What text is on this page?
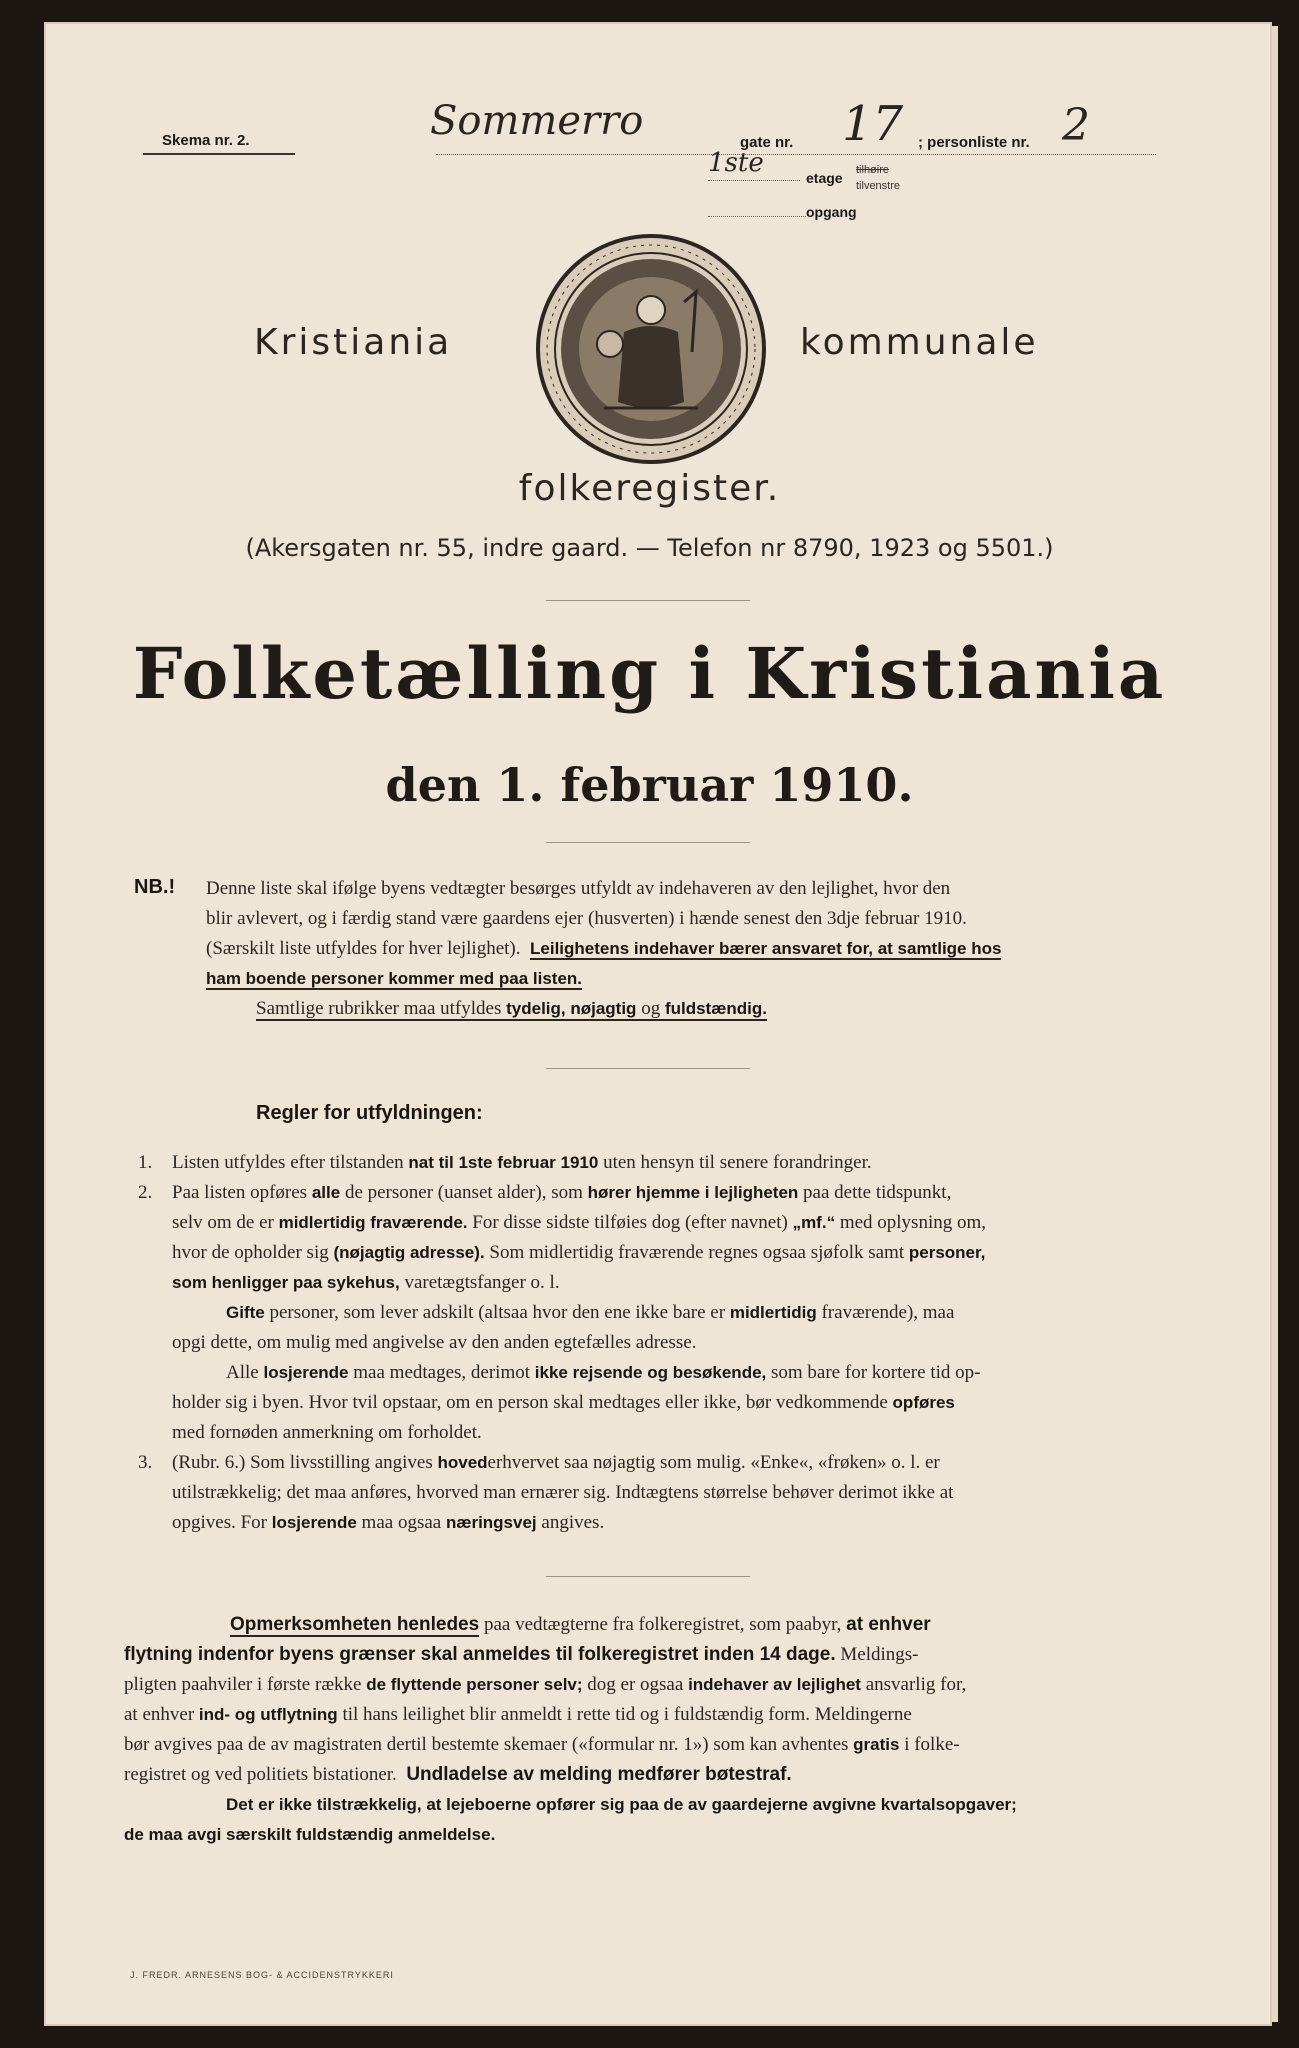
Skema nr. 2.	Sommerro	gate nr. 17 ; personliste nr. 2
1ste	etage tilhøire
tilvenstre
opgang
Kristiania	kommunale
folkeregister.
(Akersgaten nr. 55, indre gaard. — Telefon nr 8790, 1923 og 5501.)
Folketælling i Kristiania
den 1. februar 1910.
NB.! Denne liste skal ifølge byens vedtægter besørges utfyldt av indehaveren av den lejlighet, hvor den
blir avlevert, og i færdig stand være gaardens ejer (husverten) i hænde senest den 3dje februar 1910.
(Særskilt liste utfyldes for hver lejlighet). Leilighetens indehaver bærer ansvaret for, at samtlige hos
ham boende personer kommer med paa listen.
Samtlige rubrikker maa utfyldes tydelig, nøjagtig og fuldstændig.
Regler for utfyldningen:
1. Listen utfyldes efter tilstanden nat til 1ste februar 1910 uten hensyn til senere forandringer.
2. Paa listen opføres alle de personer (uanset alder), som hører hjemme i lejligheten paa dette tidspunkt,
selv om de er midlertidig fraværende. For disse sidste tilføies dog (efter navnet) „mf.“ med oplysning om,
hvor de opholder sig (nøjagtig adresse). Som midlertidig fraværende regnes ogsaa sjøfolk samt personer,
som henligger paa sykehus, varetægtsfanger o. l.
Gifte personer, som lever adskilt (altsaa hvor den ene ikke bare er midlertidig fraværende), maa
opgi dette, om mulig med angivelse av den anden egtefælles adresse.
Alle losjerende maa medtages, derimot ikke rejsende og besøkende, som bare for kortere tid op-
holder sig i byen. Hvor tvil opstaar, om en person skal medtages eller ikke, bør vedkommende opføres
med fornøden anmerkning om forholdet.
3. (Rubr. 6.) Som livsstilling angives hovederhvervet saa nøjagtig som mulig. «Enke«, «frøken» o. l. er
utilstrækkelig; det maa anføres, hvorved man ernærer sig. Indtægtens størrelse behøver derimot ikke at
opgives. For losjerende maa ogsaa næringsvej angives.
Opmerksomheten henledes paa vedtægterne fra folkeregistret, som paabyr, at enhver
flytning indenfor byens grænser skal anmeldes til folkeregistret inden 14 dage. Meldings-
pligten paahviler i første række de flyttende personer selv; dog er ogsaa indehaver av lejlighet ansvarlig for,
at enhver ind- og utflytning til hans leilighet blir anmeldt i rette tid og i fuldstændig form. Meldingerne
bør avgives paa de av magistraten dertil bestemte skemaer («formular nr. 1») som kan avhentes gratis i folke-
registret og ved politiets bistationer. Undladelse av melding medfører bøtestraf.
Det er ikke tilstrækkelig, at lejeboerne opfører sig paa de av gaardejerne avgivne kvartalsopgaver;
de maa avgi særskilt fuldstændig anmeldelse.
J. FREDR. ARNESENS BOG- & ACCIDENSTRYKKERI
